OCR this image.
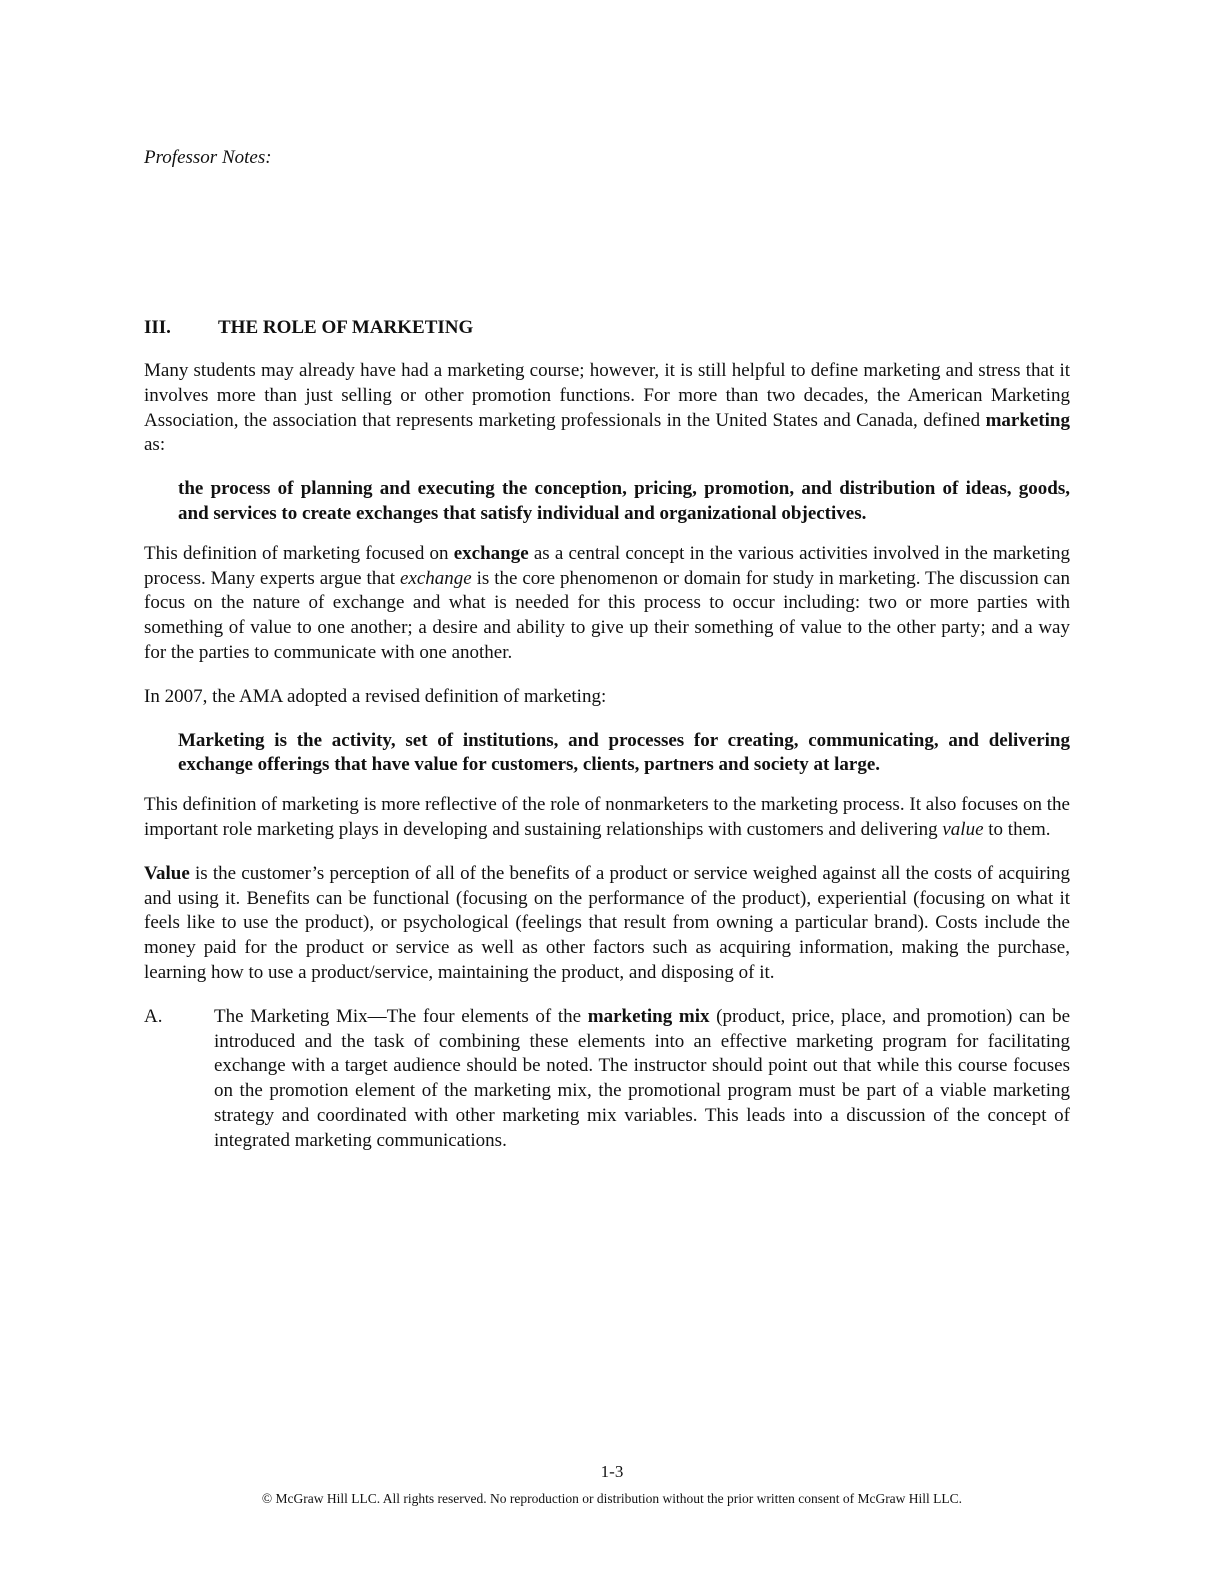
Professor Notes:
III.	THE ROLE OF MARKETING

Many students may already have had a marketing course; however, it is still helpful to define marketing and stress that it involves more than just selling or other promotion functions. For more than two decades, the American Marketing Association, the association that represents marketing professionals in the United States and Canada, defined marketing as:

the process of planning and executing the conception, pricing, promotion, and distribution of ideas, goods, and services to create exchanges that satisfy individual and organizational objectives.

This definition of marketing focused on exchange as a central concept in the various activities involved in the marketing process. Many experts argue that exchange is the core phenomenon or domain for study in marketing. The discussion can focus on the nature of exchange and what is needed for this process to occur including: two or more parties with something of value to one another; a desire and ability to give up their something of value to the other party; and a way for the parties to communicate with one another.

In 2007, the AMA adopted a revised definition of marketing:

Marketing is the activity, set of institutions, and processes for creating, communicating, and delivering exchange offerings that have value for customers, clients, partners and society at large.

This definition of marketing is more reflective of the role of nonmarketers to the marketing process. It also focuses on the important role marketing plays in developing and sustaining relationships with customers and delivering value to them.

Value is the customer’s perception of all of the benefits of a product or service weighed against all the costs of acquiring and using it. Benefits can be functional (focusing on the performance of the product), experiential (focusing on what it feels like to use the product), or psychological (feelings that result from owning a particular brand). Costs include the money paid for the product or service as well as other factors such as acquiring information, making the purchase, learning how to use a product/service, maintaining the product, and disposing of it.

A.	The Marketing Mix—The four elements of the marketing mix (product, price, place, and promotion) can be introduced and the task of combining these elements into an effective marketing program for facilitating exchange with a target audience should be noted. The instructor should point out that while this course focuses on the promotion element of the marketing mix, the promotional program must be part of a viable marketing strategy and coordinated with other marketing mix variables. This leads into a discussion of the concept of integrated marketing communications.

1-3
© McGraw Hill LLC. All rights reserved. No reproduction or distribution without the prior written consent of McGraw Hill LLC.
